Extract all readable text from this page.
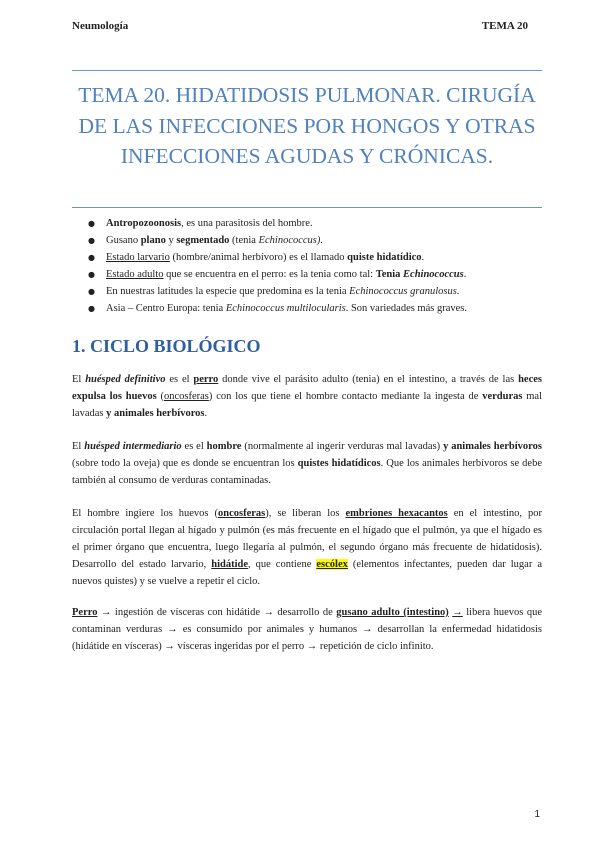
Neumología	TEMA 20
TEMA 20. HIDATIDOSIS PULMONAR. CIRUGÍA DE LAS INFECCIONES POR HONGOS Y OTRAS INFECCIONES AGUDAS Y CRÓNICAS.
● Antropozoonosis, es una parasitosis del hombre.
● Gusano plano y segmentado (tenia Echinococcus).
● Estado larvario (hombre/animal herbívoro) es el llamado quiste hidatídico.
● Estado adulto que se encuentra en el perro: es la tenia como tal: Tenia Echinococcus.
● En nuestras latitudes la especie que predomina es la tenia Echinococcus granulosus.
● Asia – Centro Europa: tenia Echinococcus multilocularis. Son variedades más graves.
1. CICLO BIOLÓGICO

El huésped definitivo es el perro donde vive el parásito adulto (tenia) en el intestino, a través de las heces expulsa los huevos (oncosferas) con los que tiene el hombre contacto mediante la ingesta de verduras mal lavadas y animales herbívoros.

El huésped intermediario es el hombre (normalmente al ingerir verduras mal lavadas) y animales herbívoros (sobre todo la oveja) que es donde se encuentran los quistes hidatídicos. Que los animales herbívoros se debe también al consumo de verduras contaminadas.

El hombre ingiere los huevos (oncosferas), se liberan los embriones hexacantos en el intestino, por circulación portal llegan al hígado y pulmón (es más frecuente en el hígado que el pulmón, ya que el hígado es el primer órgano que encuentra, luego llegaría al pulmón, el segundo órgano más frecuente de hidatidosis). Desarrollo del estado larvario, hidátide, que contiene escólex (elementos infectantes, pueden dar lugar a nuevos quistes) y se vuelve a repetir el ciclo.

Perro → ingestión de vísceras con hidátide → desarrollo de gusano adulto (intestino) → libera huevos que contaminan verduras → es consumido por animales y humanos → desarrollan la enfermedad hidatidosis (hidátide en vísceras) → vísceras ingeridas por el perro → repetición de ciclo infinito.

1
